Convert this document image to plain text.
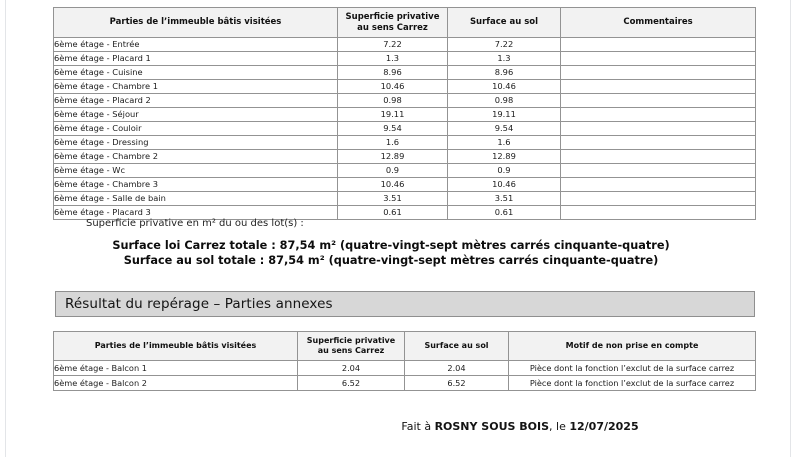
Parties de l’immeuble bâtis visitées	Superficie privative au sens Carrez	Surface au sol	Commentaires
6ème étage - Entrée	7.22	7.22	
6ème étage - Placard 1	1.3	1.3	
6ème étage - Cuisine	8.96	8.96	
6ème étage - Chambre 1	10.46	10.46	
6ème étage - Placard 2	0.98	0.98	
6ème étage - Séjour	19.11	19.11	
6ème étage - Couloir	9.54	9.54	
6ème étage - Dressing	1.6	1.6	
6ème étage - Chambre 2	12.89	12.89	
6ème étage - Wc	0.9	0.9	
6ème étage - Chambre 3	10.46	10.46	
6ème étage - Salle de bain	3.51	3.51	
6ème étage - Placard 3	0.61	0.61	
Superficie privative en m² du ou des lot(s) :
Surface loi Carrez totale : 87,54 m² (quatre-vingt-sept mètres carrés cinquante-quatre)
Surface au sol totale : 87,54 m² (quatre-vingt-sept mètres carrés cinquante-quatre)
Résultat du repérage – Parties annexes
Parties de l’immeuble bâtis visitées	Superficie privative au sens Carrez	Surface au sol	Motif de non prise en compte
6ème étage - Balcon 1	2.04	2.04	Pièce dont la fonction l’exclut de la surface carrez
6ème étage - Balcon 2	6.52	6.52	Pièce dont la fonction l’exclut de la surface carrez
Fait à ROSNY SOUS BOIS, le 12/07/2025
